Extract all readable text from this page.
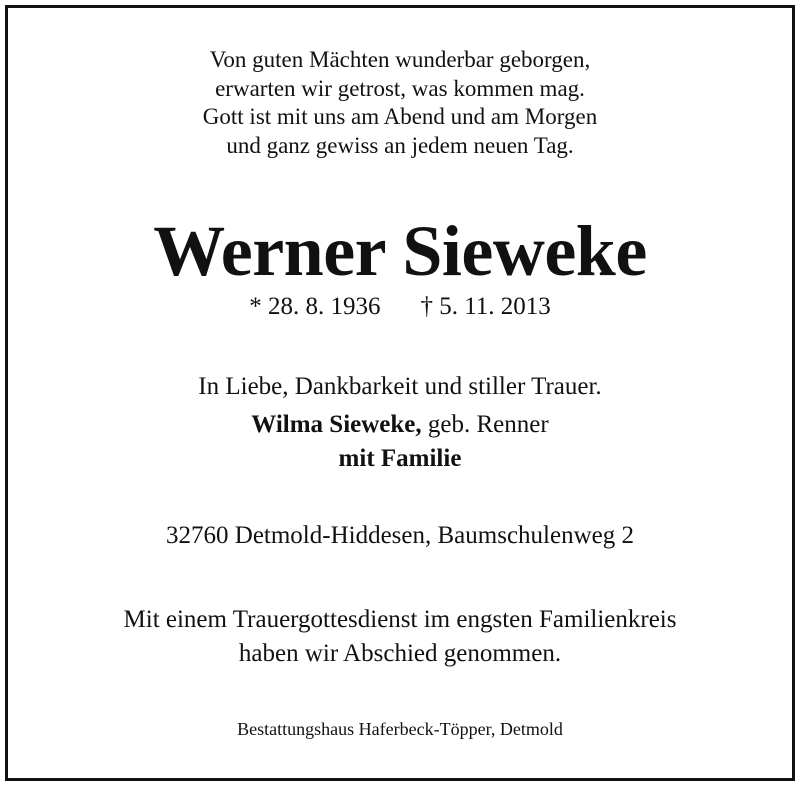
Von guten Mächten wunderbar geborgen,
erwarten wir getrost, was kommen mag.
Gott ist mit uns am Abend und am Morgen
und ganz gewiss an jedem neuen Tag.
Werner Sieweke
* 28. 8. 1936 † 5. 11. 2013
In Liebe, Dankbarkeit und stiller Trauer.
Wilma Sieweke, geb. Renner
mit Familie
32760 Detmold-Hiddesen, Baumschulenweg 2
Mit einem Trauergottesdienst im engsten Familienkreis
haben wir Abschied genommen.
Bestattungshaus Haferbeck-Töpper, Detmold
